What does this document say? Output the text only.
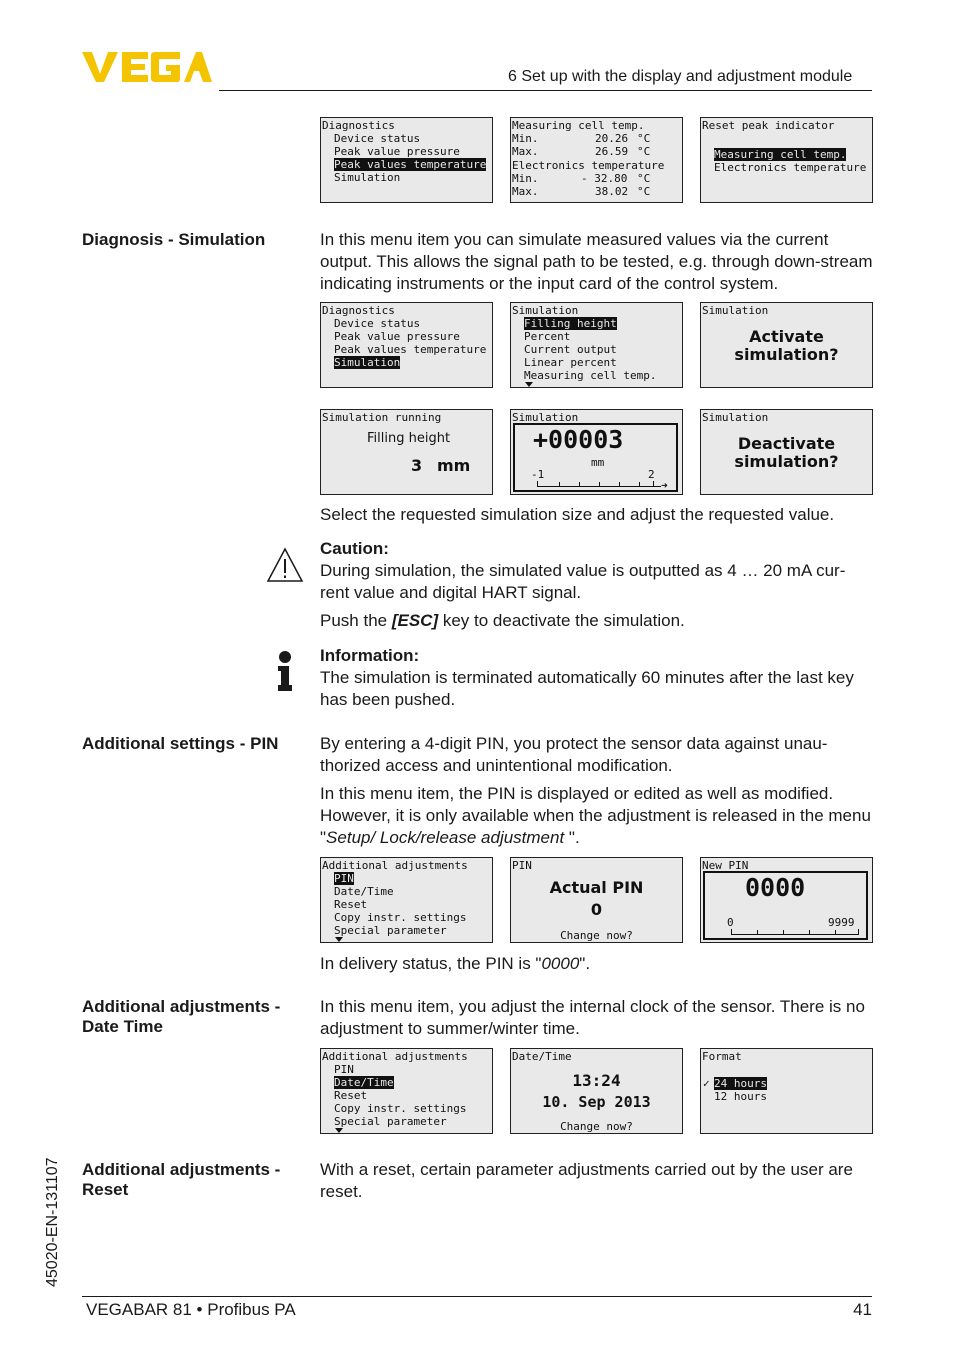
6 Set up with the display and adjustment module
Diagnostics
Device status
Peak value pressure
Peak values temperature
Simulation
Measuring cell temp.
Min.	20.26 °C
Max.	26.59 °C
Electronics temperature
Min.	- 32.80 °C
Max.	38.02 °C
Reset peak indicator
Measuring cell temp.
Electronics temperature
Diagnosis - Simulation	In this menu item you can simulate measured values via the current output. This allows the signal path to be tested, e.g. through down-stream indicating instruments or the input card of the control system.
Diagnostics
Device status
Peak value pressure
Peak values temperature
Simulation
Simulation
Filling height
Percent
Current output
Linear percent
Measuring cell temp.
Simulation
Activate
simulation?
Simulation running
Filling height
3 mm
Simulation
+00003
mm
-1	2
➜
Simulation
Deactivate
simulation?
Select the requested simulation size and adjust the requested value.
Caution:
During simulation, the simulated value is outputted as 4 … 20 mA cur-rent value and digital HART signal.
Push the [ESC] key to deactivate the simulation.
Information:
The simulation is terminated automatically 60 minutes after the last key has been pushed.
Additional settings - PIN By entering a 4-digit PIN, you protect the sensor data against unau-thorized access and unintentional modification.
In this menu item, the PIN is displayed or edited as well as modified. However, it is only available when the adjustment is released in the menu "Setup/ Lock/release adjustment ".
Additional adjustments
PIN
Date/Time
Reset
Copy instr. settings
Special parameter
PIN
Actual PIN
0
Change now?
New PIN
0000
0	9999
In delivery status, the PIN is "0000".
Additional adjustments - Date Time
In this menu item, you adjust the internal clock of the sensor. There is no adjustment to summer/winter time.
Additional adjustments
PIN
Date/Time
Reset
Copy instr. settings
Special parameter
Date/Time
13:24
10. Sep 2013
Change now?
Format
✓ 24 hours
12 hours
Additional adjustments - Reset
With a reset, certain parameter adjustments carried out by the user are reset.
45020-EN-131107
VEGABAR 81 • Profibus PA	41
